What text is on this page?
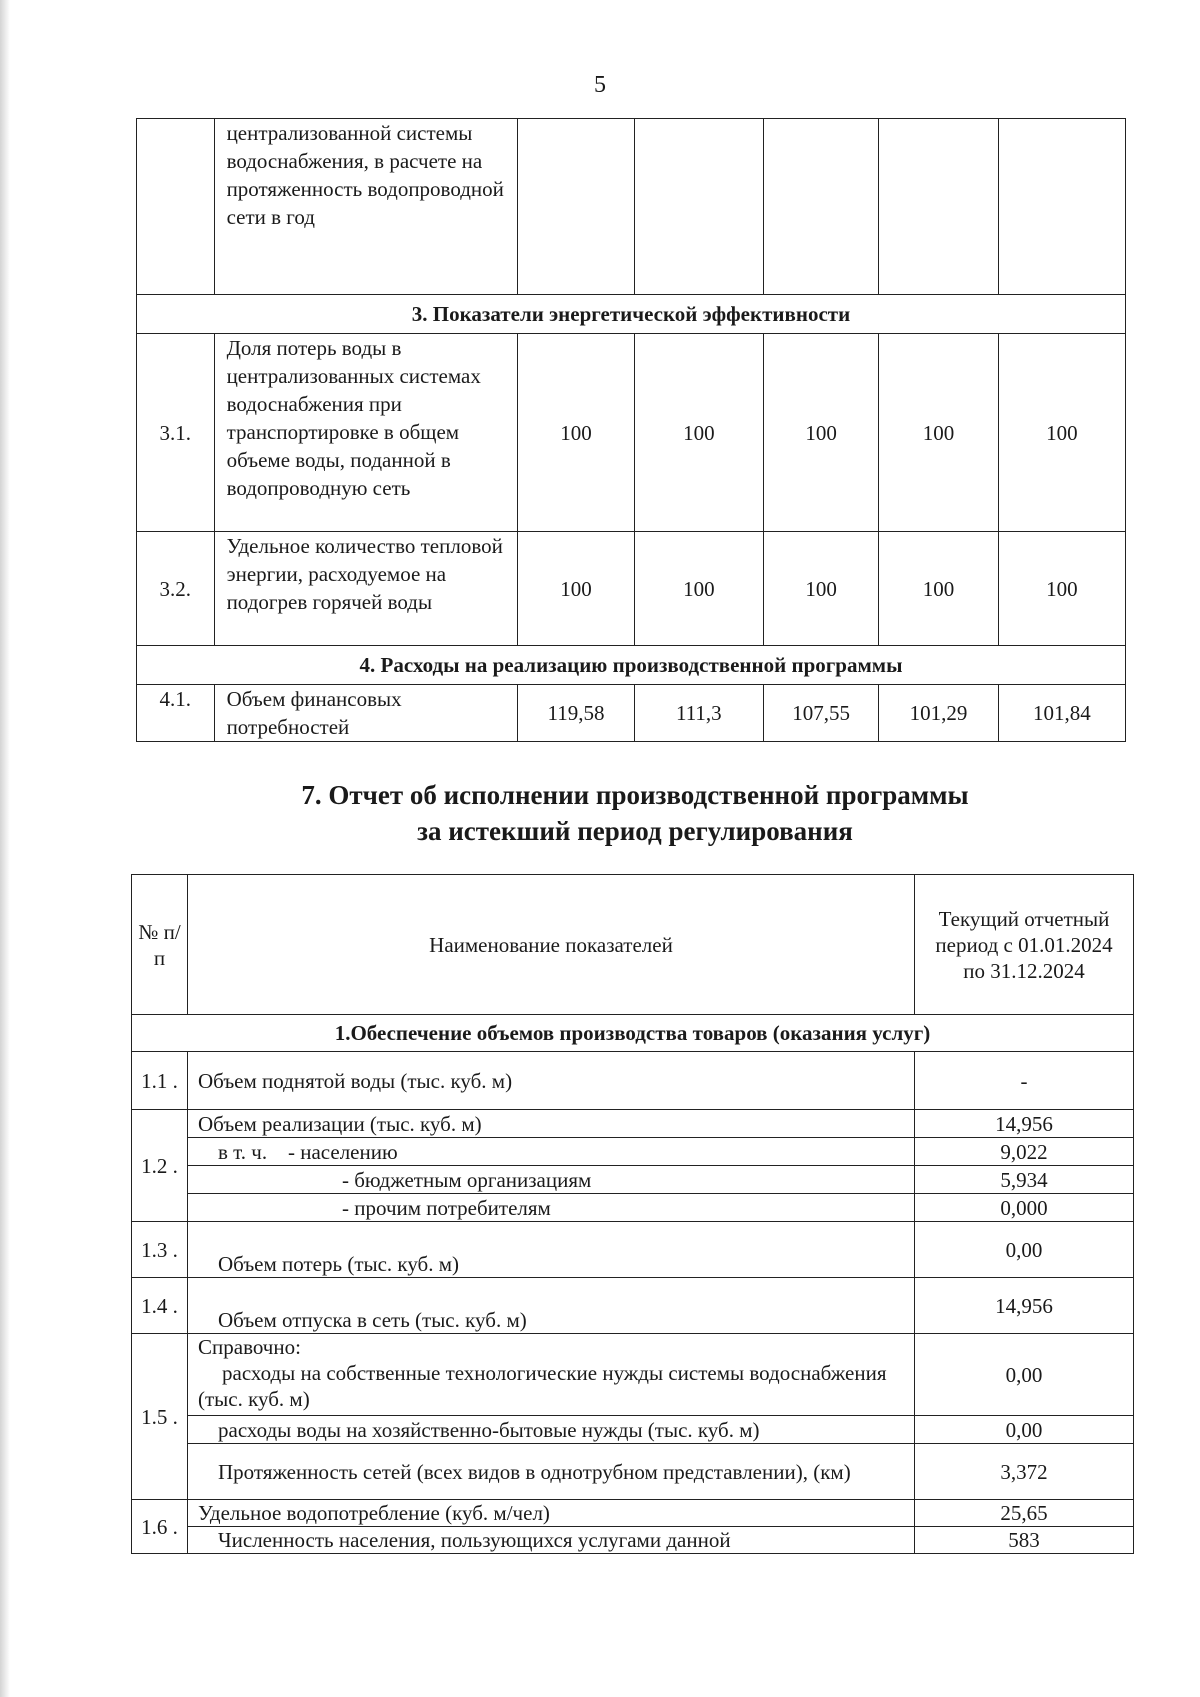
5
	централизованной системы водоснабжения, в расчете на протяженность водопроводной сети в год					
3. Показатели энергетической эффективности						
3.1.	Доля потерь воды в централизованных системах водоснабжения при транспортировке в общем объеме воды, поданной в водопроводную сеть	100	100	100	100	100
3.2.	Удельное количество тепловой энергии, расходуемое на подогрев горячей воды	100	100	100	100	100
4. Расходы на реализацию производственной программы						
4.1.	Объем финансовых потребностей	119,58	111,3	107,55	101,29	101,84
7. Отчет об исполнении производственной программы
за истекший период регулирования
№ п/п	Наименование показателей	Текущий отчетный период с 01.01.2024 по 31.12.2024
1.Обеспечение объемов производства товаров (оказания услуг)		
1.1 .	Объем поднятой воды (тыс. куб. м)	-
1.2 .	Объем реализации (тыс. куб. м)	14,956
	в т. ч. - населению	9,022
	- бюджетным организациям	5,934
	- прочим потребителям	0,000
1.3 .	Объем потерь (тыс. куб. м)	0,00
1.4 .	Объем отпуска в сеть (тыс. куб. м)	14,956
1.5 .	Справочно:
расходы на собственные технологические нужды системы водоснабжения (тыс. куб. м)	0,00
	расходы воды на хозяйственно-бытовые нужды (тыс. куб. м)	0,00
	Протяженность сетей (всех видов в однотрубном представлении), (км)	3,372
1.6 .	Удельное водопотребление (куб. м/чел)	25,65
	Численность населения, пользующихся услугами данной	583
